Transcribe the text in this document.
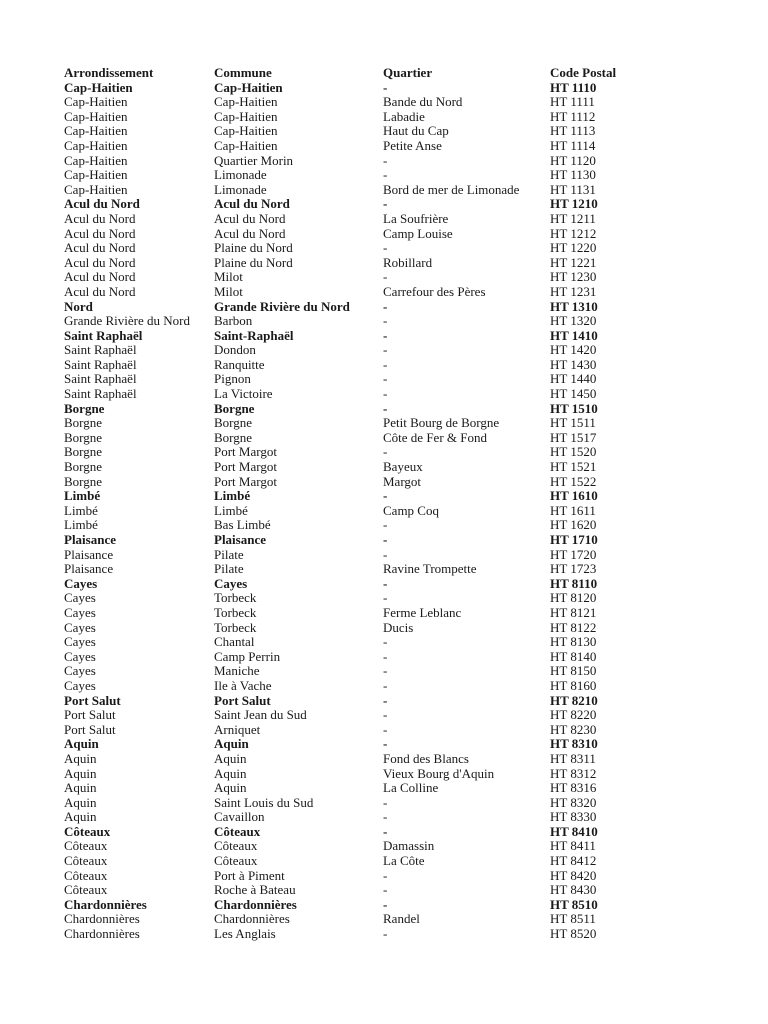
Arrondissement	Commune	Quartier	Code Postal
Cap-Haitien	Cap-Haitien	-	HT 1110
Cap-Haitien	Cap-Haitien	Bande du Nord	HT 1111
Cap-Haitien	Cap-Haitien	Labadie	HT 1112
Cap-Haitien	Cap-Haitien	Haut du Cap	HT 1113
Cap-Haitien	Cap-Haitien	Petite Anse	HT 1114
Cap-Haitien	Quartier Morin	-	HT 1120
Cap-Haitien	Limonade	-	HT 1130
Cap-Haitien	Limonade	Bord de mer de Limonade	HT 1131
Acul du Nord	Acul du Nord	-	HT 1210
Acul du Nord	Acul du Nord	La Soufrière	HT 1211
Acul du Nord	Acul du Nord	Camp Louise	HT 1212
Acul du Nord	Plaine du Nord	-	HT 1220
Acul du Nord	Plaine du Nord	Robillard	HT 1221
Acul du Nord	Milot	-	HT 1230
Acul du Nord	Milot	Carrefour des Pères	HT 1231
Nord	Grande Rivière du Nord	-	HT 1310
Grande Rivière du Nord	Barbon	-	HT 1320
Saint Raphaël	Saint-Raphaël	-	HT 1410
Saint Raphaël	Dondon	-	HT 1420
Saint Raphaël	Ranquitte	-	HT 1430
Saint Raphaël	Pignon	-	HT 1440
Saint Raphaël	La Victoire	-	HT 1450
Borgne	Borgne	-	HT 1510
Borgne	Borgne	Petit Bourg de Borgne	HT 1511
Borgne	Borgne	Côte de Fer & Fond	HT 1517
Borgne	Port Margot	-	HT 1520
Borgne	Port Margot	Bayeux	HT 1521
Borgne	Port Margot	Margot	HT 1522
Limbé	Limbé	-	HT 1610
Limbé	Limbé	Camp Coq	HT 1611
Limbé	Bas Limbé	-	HT 1620
Plaisance	Plaisance	-	HT 1710
Plaisance	Pilate	-	HT 1720
Plaisance	Pilate	Ravine Trompette	HT 1723
Cayes	Cayes	-	HT 8110
Cayes	Torbeck	-	HT 8120
Cayes	Torbeck	Ferme Leblanc	HT 8121
Cayes	Torbeck	Ducis	HT 8122
Cayes	Chantal	-	HT 8130
Cayes	Camp Perrin	-	HT 8140
Cayes	Maniche	-	HT 8150
Cayes	Ile à Vache	-	HT 8160
Port Salut	Port Salut	-	HT 8210
Port Salut	Saint Jean du Sud	-	HT 8220
Port Salut	Arniquet	-	HT 8230
Aquin	Aquin	-	HT 8310
Aquin	Aquin	Fond des Blancs	HT 8311
Aquin	Aquin	Vieux Bourg d'Aquin	HT 8312
Aquin	Aquin	La Colline	HT 8316
Aquin	Saint Louis du Sud	-	HT 8320
Aquin	Cavaillon	-	HT 8330
Côteaux	Côteaux	-	HT 8410
Côteaux	Côteaux	Damassin	HT 8411
Côteaux	Côteaux	La Côte	HT 8412
Côteaux	Port à Piment	-	HT 8420
Côteaux	Roche à Bateau	-	HT 8430
Chardonnières	Chardonnières	-	HT 8510
Chardonnières	Chardonnières	Randel	HT 8511
Chardonnières	Les Anglais	-	HT 8520
